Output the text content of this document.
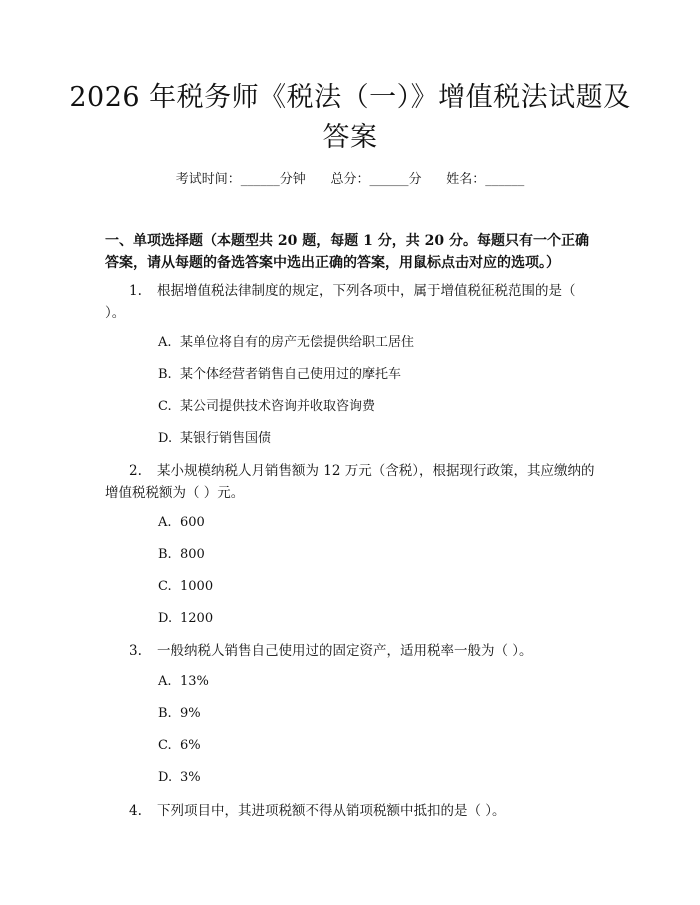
2026 年税务师《税法（一）》增值税法试题及答案
考试时间：______分钟      总分：______分      姓名：______
一、单项选择题（本题型共 20 题，每题 1 分，共 20 分。每题只有一个正确答案，请从每题的备选答案中选出正确的答案，用鼠标点击对应的选项。）
1. 根据增值税法律制度的规定，下列各项中，属于增值税征税范围的是（ ）。
A. 某单位将自有的房产无偿提供给职工居住
B. 某个体经营者销售自己使用过的摩托车
C. 某公司提供技术咨询并收取咨询费
D. 某银行销售国债
2. 某小规模纳税人月销售额为 12 万元（含税），根据现行政策，其应缴纳的增值税税额为（ ）元。
A. 600
B. 800
C. 1000
D. 1200
3. 一般纳税人销售自己使用过的固定资产，适用税率一般为（ ）。
A. 13%
B. 9%
C. 6%
D. 3%
4. 下列项目中，其进项税额不得从销项税额中抵扣的是（ ）。
